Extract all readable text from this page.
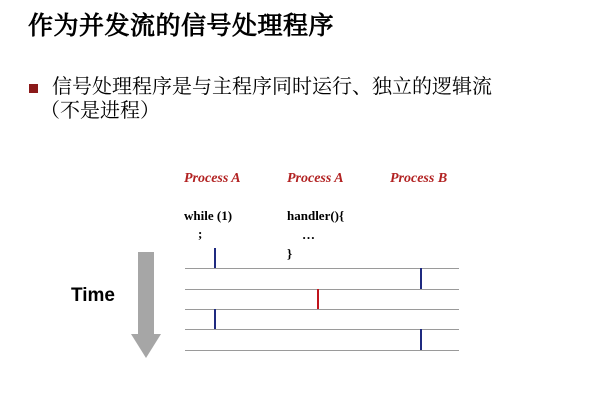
作为并发流的信号处理程序
信号处理程序是与主程序同时运行、独立的逻辑流
（不是进程）
Process A	Process A	Process B
while (1)
;
handler(){
…
}
Time
